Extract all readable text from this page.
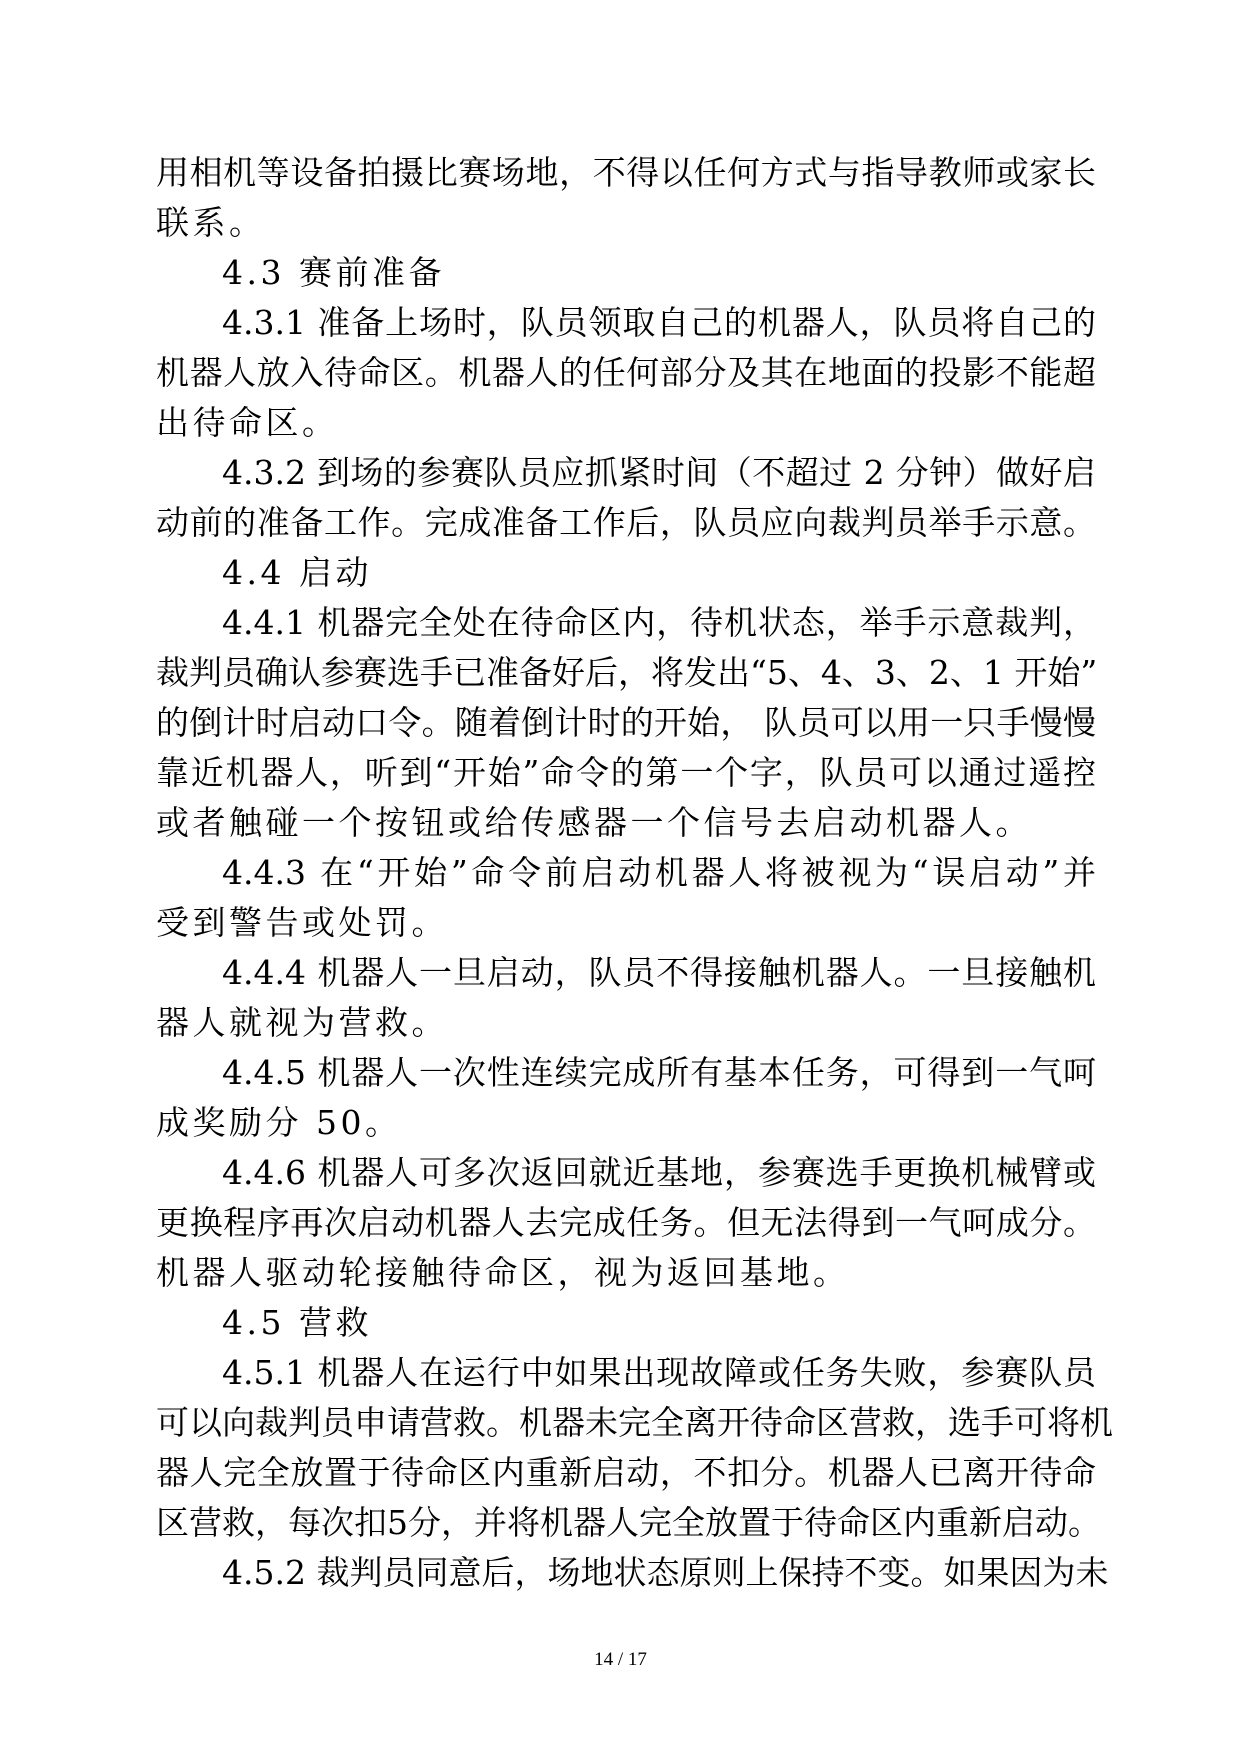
用相机等设备拍摄比赛场地，不得以任何方式与指导教师或家长
联系。
4.3 赛前准备
4.3.1 准备上场时，队员领取自己的机器人，队员将自己的
机器人放入待命区。机器人的任何部分及其在地面的投影不能超
出待命区。
4.3.2 到场的参赛队员应抓紧时间（不超过 2 分钟）做好启
动前的准备工作。完成准备工作后，队员应向裁判员举手示意。
4.4 启动
4.4.1 机器完全处在待命区内，待机状态，举手示意裁判，
裁判员确认参赛选手已准备好后，将发出“5、4、3、2、1 开始”
的倒计时启动口令。随着倒计时的开始， 队员可以用一只手慢慢
靠近机器人，听到“开始”命令的第一个字，队员可以通过遥控
或者触碰一个按钮或给传感器一个信号去启动机器人。
4.4.3 在“开始”命令前启动机器人将被视为“误启动”并
受到警告或处罚。
4.4.4 机器人一旦启动，队员不得接触机器人。一旦接触机
器人就视为营救。
4.4.5 机器人一次性连续完成所有基本任务，可得到一气呵
成奖励分 50。
4.4.6 机器人可多次返回就近基地，参赛选手更换机械臂或
更换程序再次启动机器人去完成任务。但无法得到一气呵成分。
机器人驱动轮接触待命区，视为返回基地。
4.5 营救
4.5.1 机器人在运行中如果出现故障或任务失败，参赛队员
可以向裁判员申请营救。机器未完全离开待命区营救，选手可将机
器人完全放置于待命区内重新启动，不扣分。机器人已离开待命
区营救，每次扣5分，并将机器人完全放置于待命区内重新启动。
4.5.2 裁判员同意后，场地状态原则上保持不变。如果因为未
14 / 17
